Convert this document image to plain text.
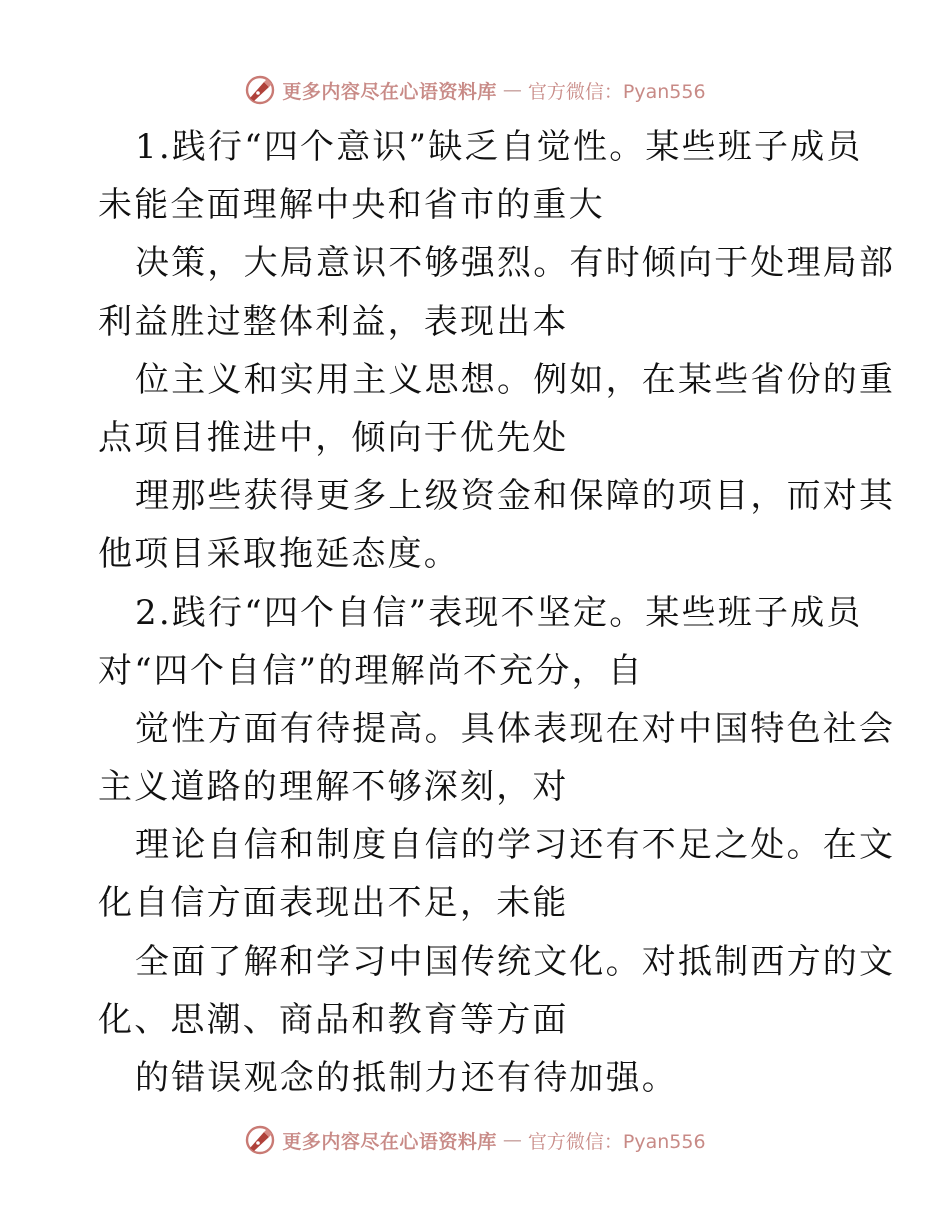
更多内容尽在心语资料库 — 官方微信：Pyan556
1.践行“四个意识”缺乏自觉性。某些班子成员
未能全面理解中央和省市的重大
决策，大局意识不够强烈。有时倾向于处理局部
利益胜过整体利益，表现出本
位主义和实用主义思想。例如，在某些省份的重
点项目推进中，倾向于优先处
理那些获得更多上级资金和保障的项目，而对其
他项目采取拖延态度。
2.践行“四个自信”表现不坚定。某些班子成员
对“四个自信”的理解尚不充分，自
觉性方面有待提高。具体表现在对中国特色社会
主义道路的理解不够深刻，对
理论自信和制度自信的学习还有不足之处。在文
化自信方面表现出不足，未能
全面了解和学习中国传统文化。对抵制西方的文
化、思潮、商品和教育等方面
的错误观念的抵制力还有待加强。
更多内容尽在心语资料库 — 官方微信：Pyan556
